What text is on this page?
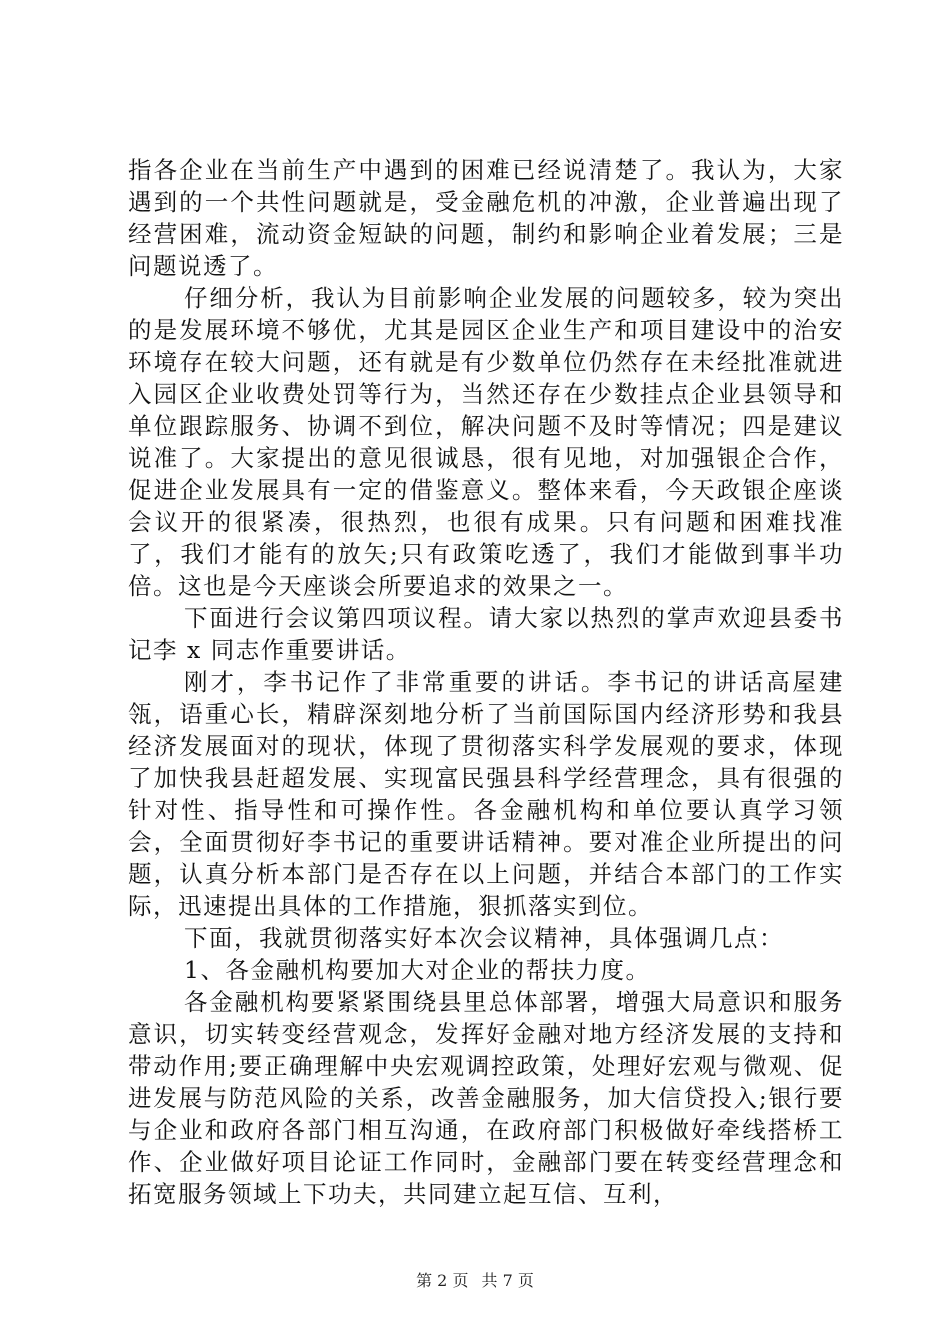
指各企业在当前生产中遇到的困难已经说清楚了。我认为，大家遇到的一个共性问题就是，受金融危机的冲激，企业普遍出现了经营困难，流动资金短缺的问题，制约和影响企业着发展；三是问题说透了。

仔细分析，我认为目前影响企业发展的问题较多，较为突出的是发展环境不够优，尤其是园区企业生产和项目建设中的治安环境存在较大问题，还有就是有少数单位仍然存在未经批准就进入园区企业收费处罚等行为，当然还存在少数挂点企业县领导和单位跟踪服务、协调不到位，解决问题不及时等情况；四是建议说准了。大家提出的意见很诚恳，很有见地，对加强银企合作，促进企业发展具有一定的借鉴意义。整体来看，今天政银企座谈会议开的很紧凑，很热烈，也很有成果。只有问题和困难找准了，我们才能有的放矢;只有政策吃透了，我们才能做到事半功倍。这也是今天座谈会所要追求的效果之一。

下面进行会议第四项议程。请大家以热烈的掌声欢迎县委书记李 x 同志作重要讲话。

刚才，李书记作了非常重要的讲话。李书记的讲话高屋建瓴，语重心长，精辟深刻地分析了当前国际国内经济形势和我县经济发展面对的现状，体现了贯彻落实科学发展观的要求，体现了加快我县赶超发展、实现富民强县科学经营理念，具有很强的针对性、指导性和可操作性。各金融机构和单位要认真学习领会，全面贯彻好李书记的重要讲话精神。要对准企业所提出的问题，认真分析本部门是否存在以上问题，并结合本部门的工作实际，迅速提出具体的工作措施，狠抓落实到位。

下面，我就贯彻落实好本次会议精神，具体强调几点：

1、各金融机构要加大对企业的帮扶力度。

各金融机构要紧紧围绕县里总体部署，增强大局意识和服务意识，切实转变经营观念，发挥好金融对地方经济发展的支持和带动作用;要正确理解中央宏观调控政策，处理好宏观与微观、促进发展与防范风险的关系，改善金融服务，加大信贷投入;银行要与企业和政府各部门相互沟通，在政府部门积极做好牵线搭桥工作、企业做好项目论证工作同时，金融部门要在转变经营理念和拓宽服务领域上下功夫，共同建立起互信、互利，

第 2 页 共 7 页
